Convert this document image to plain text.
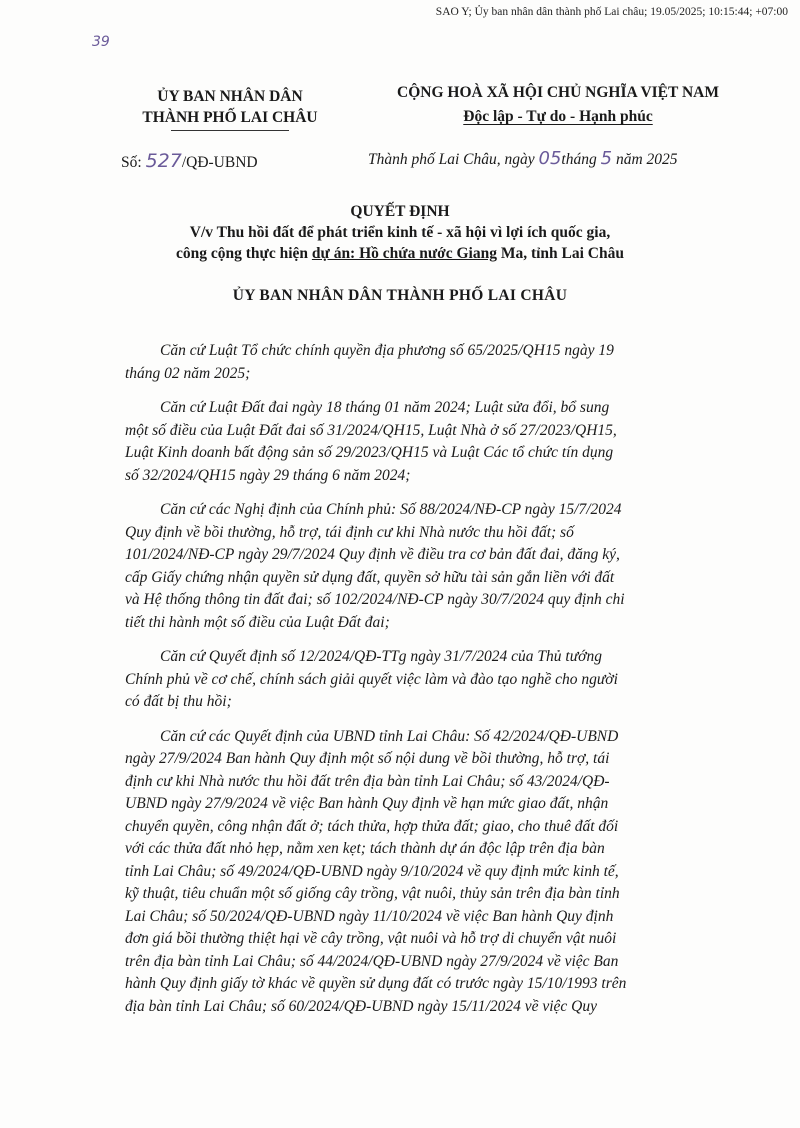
SAO Y; Ủy ban nhân dân thành phố Lai châu; 19.05/2025; 10:15:44; +07:00
39
ỦY BAN NHÂN DÂN
THÀNH PHỐ LAI CHÂU
CỘNG HOÀ XÃ HỘI CHỦ NGHĨA VIỆT NAM
Độc lập - Tự do - Hạnh phúc
Số: 527/QĐ-UBND	Thành phố Lai Châu, ngày 05tháng 5 năm 2025
QUYẾT ĐỊNH
V/v Thu hồi đất để phát triển kinh tế - xã hội vì lợi ích quốc gia,
công cộng thực hiện dự án: Hồ chứa nước Giang Ma, tỉnh Lai Châu
ỦY BAN NHÂN DÂN THÀNH PHỐ LAI CHÂU
Căn cứ Luật Tổ chức chính quyền địa phương số 65/2025/QH15 ngày 19
tháng 02 năm 2025;
Căn cứ Luật Đất đai ngày 18 tháng 01 năm 2024; Luật sửa đổi, bổ sung
một số điều của Luật Đất đai số 31/2024/QH15, Luật Nhà ở số 27/2023/QH15,
Luật Kinh doanh bất động sản số 29/2023/QH15 và Luật Các tổ chức tín dụng
số 32/2024/QH15 ngày 29 tháng 6 năm 2024;
Căn cứ các Nghị định của Chính phủ: Số 88/2024/NĐ-CP ngày 15/7/2024
Quy định về bồi thường, hỗ trợ, tái định cư khi Nhà nước thu hồi đất; số
101/2024/NĐ-CP ngày 29/7/2024 Quy định về điều tra cơ bản đất đai, đăng ký,
cấp Giấy chứng nhận quyền sử dụng đất, quyền sở hữu tài sản gắn liền với đất
và Hệ thống thông tin đất đai; số 102/2024/NĐ-CP ngày 30/7/2024 quy định chi
tiết thi hành một số điều của Luật Đất đai;
Căn cứ Quyết định số 12/2024/QĐ-TTg ngày 31/7/2024 của Thủ tướng
Chính phủ về cơ chế, chính sách giải quyết việc làm và đào tạo nghề cho người
có đất bị thu hồi;
Căn cứ các Quyết định của UBND tỉnh Lai Châu: Số 42/2024/QĐ-UBND
ngày 27/9/2024 Ban hành Quy định một số nội dung về bồi thường, hỗ trợ, tái
định cư khi Nhà nước thu hồi đất trên địa bàn tỉnh Lai Châu; số 43/2024/QĐ-
UBND ngày 27/9/2024 về việc Ban hành Quy định về hạn mức giao đất, nhận
chuyển quyền, công nhận đất ở; tách thửa, hợp thửa đất; giao, cho thuê đất đối
với các thửa đất nhỏ hẹp, nằm xen kẹt; tách thành dự án độc lập trên địa bàn
tỉnh Lai Châu; số 49/2024/QĐ-UBND ngày 9/10/2024 về quy định mức kinh tế,
kỹ thuật, tiêu chuẩn một số giống cây trồng, vật nuôi, thủy sản trên địa bàn tỉnh
Lai Châu; số 50/2024/QĐ-UBND ngày 11/10/2024 về việc Ban hành Quy định
đơn giá bồi thường thiệt hại về cây trồng, vật nuôi và hỗ trợ di chuyển vật nuôi
trên địa bàn tỉnh Lai Châu; số 44/2024/QĐ-UBND ngày 27/9/2024 về việc Ban
hành Quy định giấy tờ khác về quyền sử dụng đất có trước ngày 15/10/1993 trên
địa bàn tỉnh Lai Châu; số 60/2024/QĐ-UBND ngày 15/11/2024 về việc Quy
